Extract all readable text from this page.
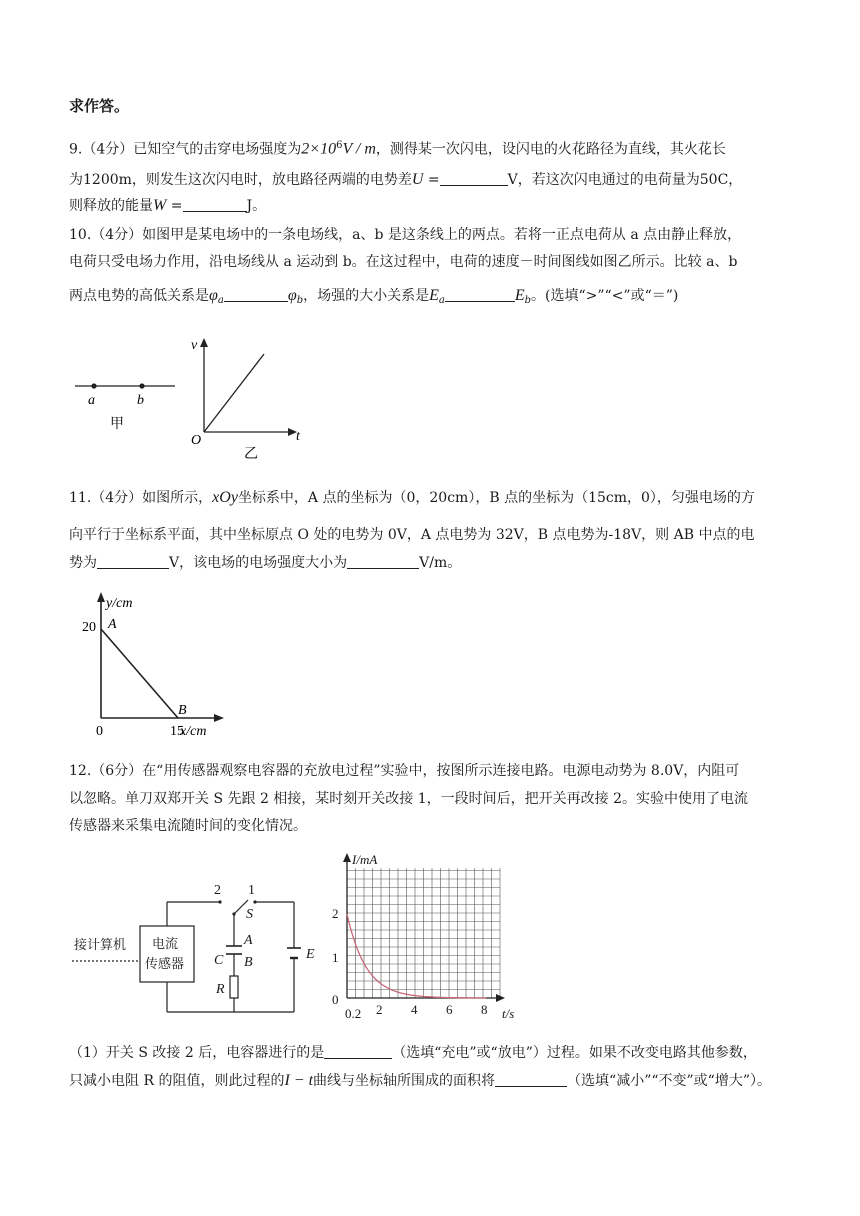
求作答。
9.（4分）已知空气的击穿电场强度为$2\times 10^6V / m$，测得某一次闪电，设闪电的火花路径为直线，其火花长
为1200m，则发生这次闪电时，放电路径两端的电势差U =	V，若这次闪电通过的电荷量为50C，
则释放的能量W =	J。
10.（4分）如图甲是某电场中的一条电场线，a、b 是这条线上的两点。若将一正点电荷从 a 点由静止释放，
电荷只受电场力作用，沿电场线从 a 运动到 b。在这过程中，电荷的速度－时间图线如图乙所示。比较 a、b
两点电势的高低关系是$\varphi_a$	$\varphi_b$，场强的大小关系是$E_a$	$E_b$。(选填“>”“<”或“＝”)
a	b
甲
v
t
O
乙
11.（4分）如图所示，xOy坐标系中，A 点的坐标为（0，20cm），B 点的坐标为（15cm，0），匀强电场的方
向平行于坐标系平面，其中坐标原点 O 处的电势为 0V，A 点电势为 32V，B 点电势为-18V，则 AB 中点的电
势为	V，该电场的电场强度大小为	V/m。
y/cm
x/cm
20 A
B
0	15
12.（6分）在“用传感器观察电容器的充放电过程”实验中，按图所示连接电路。电源电动势为 8.0V，内阻可
以忽略。单刀双郑开关 S 先跟 2 相接，某时刻开关改接 1，一段时间后，把开关再改接 2。实验中使用了电流
传感器来采集电流随时间的变化情况。
接计算机 电流
传感器
2 1
S
C
A
B
R
E
I/mA
t/s
2
1
0
0.2 2 4 6 8
（1）开关 S 改接 2 后，电容器进行的是	（选填“充电”或“放电”）过程。如果不改变电路其他参数，
只减小电阻 R 的阻值，则此过程的I − t曲线与坐标轴所围成的面积将	（选填“减小”“不变”或“增大”）。
